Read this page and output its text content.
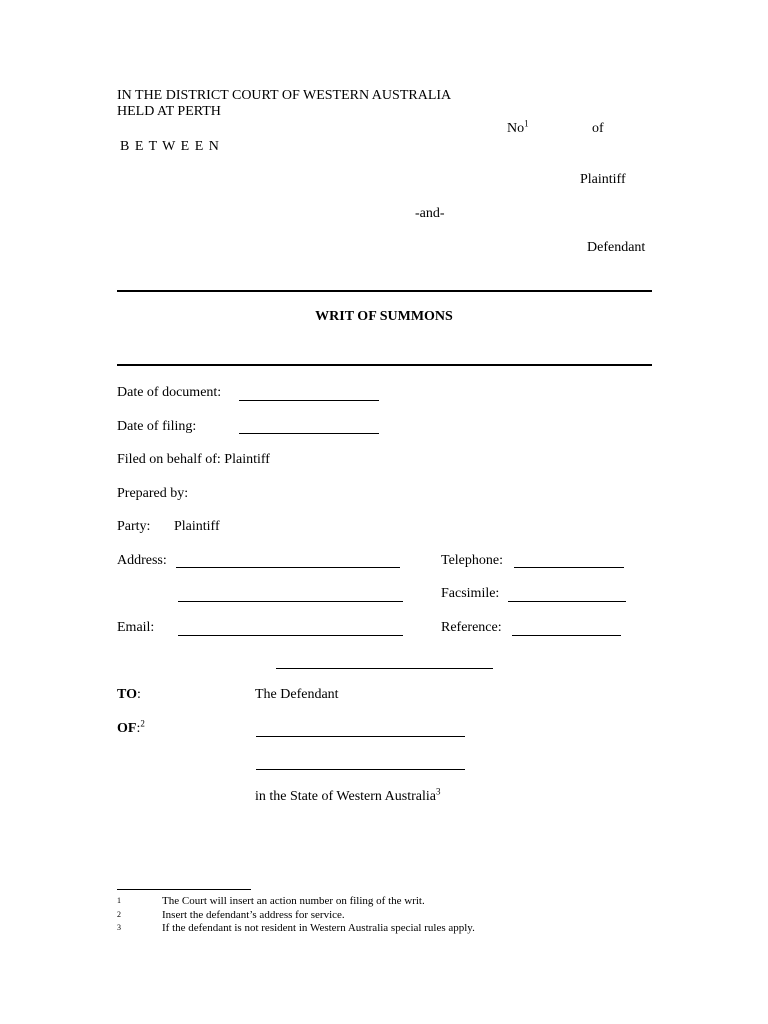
IN THE DISTRICT COURT OF WESTERN AUSTRALIA
HELD AT PERTH
No$^1$	of
B E T W E E N
Plaintiff
-and-
Defendant
WRIT OF SUMMONS
Date of document:
Date of filing:
Filed on behalf of: Plaintiff
Prepared by:
Party: Plaintiff
Address:	Telephone:
Facsimile:
Email:	Reference:
TO:	The Defendant
OF:$^2$
in the State of Western Australia$^3$
1	The Court will insert an action number on filing of the writ.
2	Insert the defendant’s address for service.
3	If the defendant is not resident in Western Australia special rules apply.
